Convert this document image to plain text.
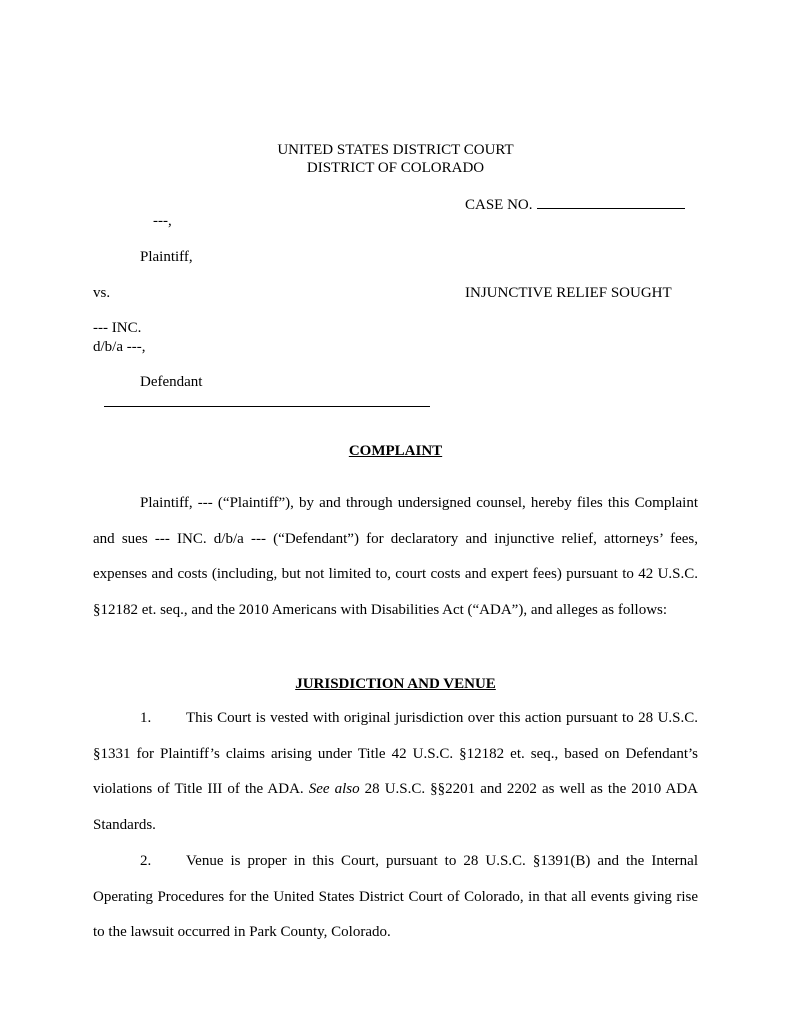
UNITED STATES DISTRICT COURT
DISTRICT OF COLORADO
CASE NO.
---,
Plaintiff,
vs.	INJUNCTIVE RELIEF SOUGHT
--- INC.
d/b/a ---,
Defendant
COMPLAINT

Plaintiff, --- (“Plaintiff”), by and through undersigned counsel, hereby files this Complaint and sues --- INC. d/b/a --- (“Defendant”) for declaratory and injunctive relief, attorneys’ fees, expenses and costs (including, but not limited to, court costs and expert fees) pursuant to 42 U.S.C. §12182 et. seq., and the 2010 Americans with Disabilities Act (“ADA”), and alleges as follows:

JURISDICTION AND VENUE

1. This Court is vested with original jurisdiction over this action pursuant to 28 U.S.C. §1331 for Plaintiff’s claims arising under Title 42 U.S.C. §12182 et. seq., based on Defendant’s violations of Title III of the ADA. See also 28 U.S.C. §§2201 and 2202 as well as the 2010 ADA Standards.

2. Venue is proper in this Court, pursuant to 28 U.S.C. §1391(B) and the Internal Operating Procedures for the United States District Court of Colorado, in that all events giving rise to the lawsuit occurred in Park County, Colorado.
